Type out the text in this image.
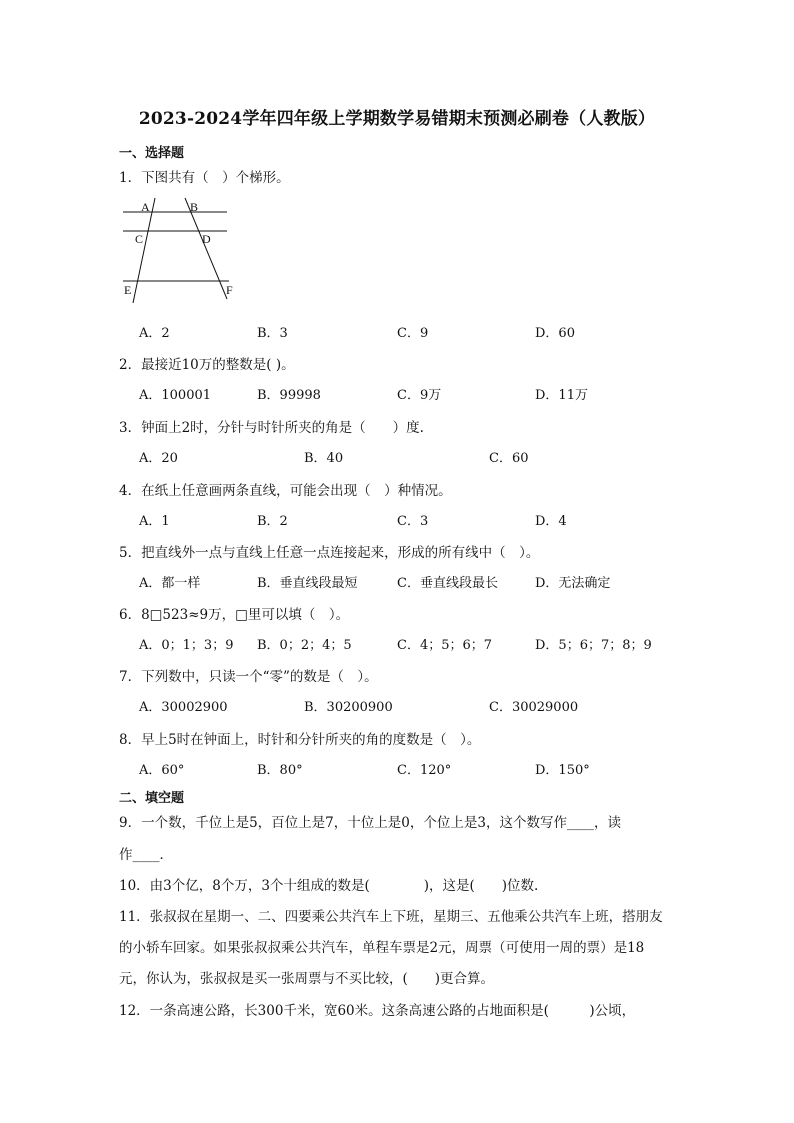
2023-2024学年四年级上学期数学易错期末预测必刷卷（人教版）
一、选择题
1．下图共有（　）个梯形。
A	B
C	D
E	F
A．2	B．3	C．9	D．60
2．最接近10万的整数是( )。
A．100001	B．99998	C．9万	D．11万
3．钟面上2时，分针与时针所夹的角是（　　）度.
A．20	B．40	C．60
4．在纸上任意画两条直线，可能会出现（　）种情况。
A．1	B．2	C．3	D．4
5．把直线外一点与直线上任意一点连接起来，形成的所有线中（　）。
A．都一样	B．垂直线段最短	C．垂直线段最长	D．无法确定
6．8□523≈9万，□里可以填（　）。
A．0；1；3；9 B．0；2；4；5	C．4；5；6；7	D．5；6；7；8；9
7．下列数中，只读一个“零”的数是（　）。
A．30002900	B．30200900	C．30029000
8．早上5时在钟面上，时针和分针所夹的角的度数是（　）。
A．60°	B．80°	C．120°	D．150°
二、填空题
9．一个数，千位上是5，百位上是7，十位上是0，个位上是3，这个数写作____，读
作____．
10．由3个亿，8个万，3个十组成的数是(　　　　)，这是(　　)位数.
11．张叔叔在星期一、二、四要乘公共汽车上下班，星期三、五他乘公共汽车上班，搭朋友
的小轿车回家。如果张叔叔乘公共汽车，单程车票是2元，周票（可使用一周的票）是18
元，你认为，张叔叔是买一张周票与不买比较，(　　)更合算。
12．一条高速公路，长300千米，宽60米。这条高速公路的占地面积是(　　　)公顷，
